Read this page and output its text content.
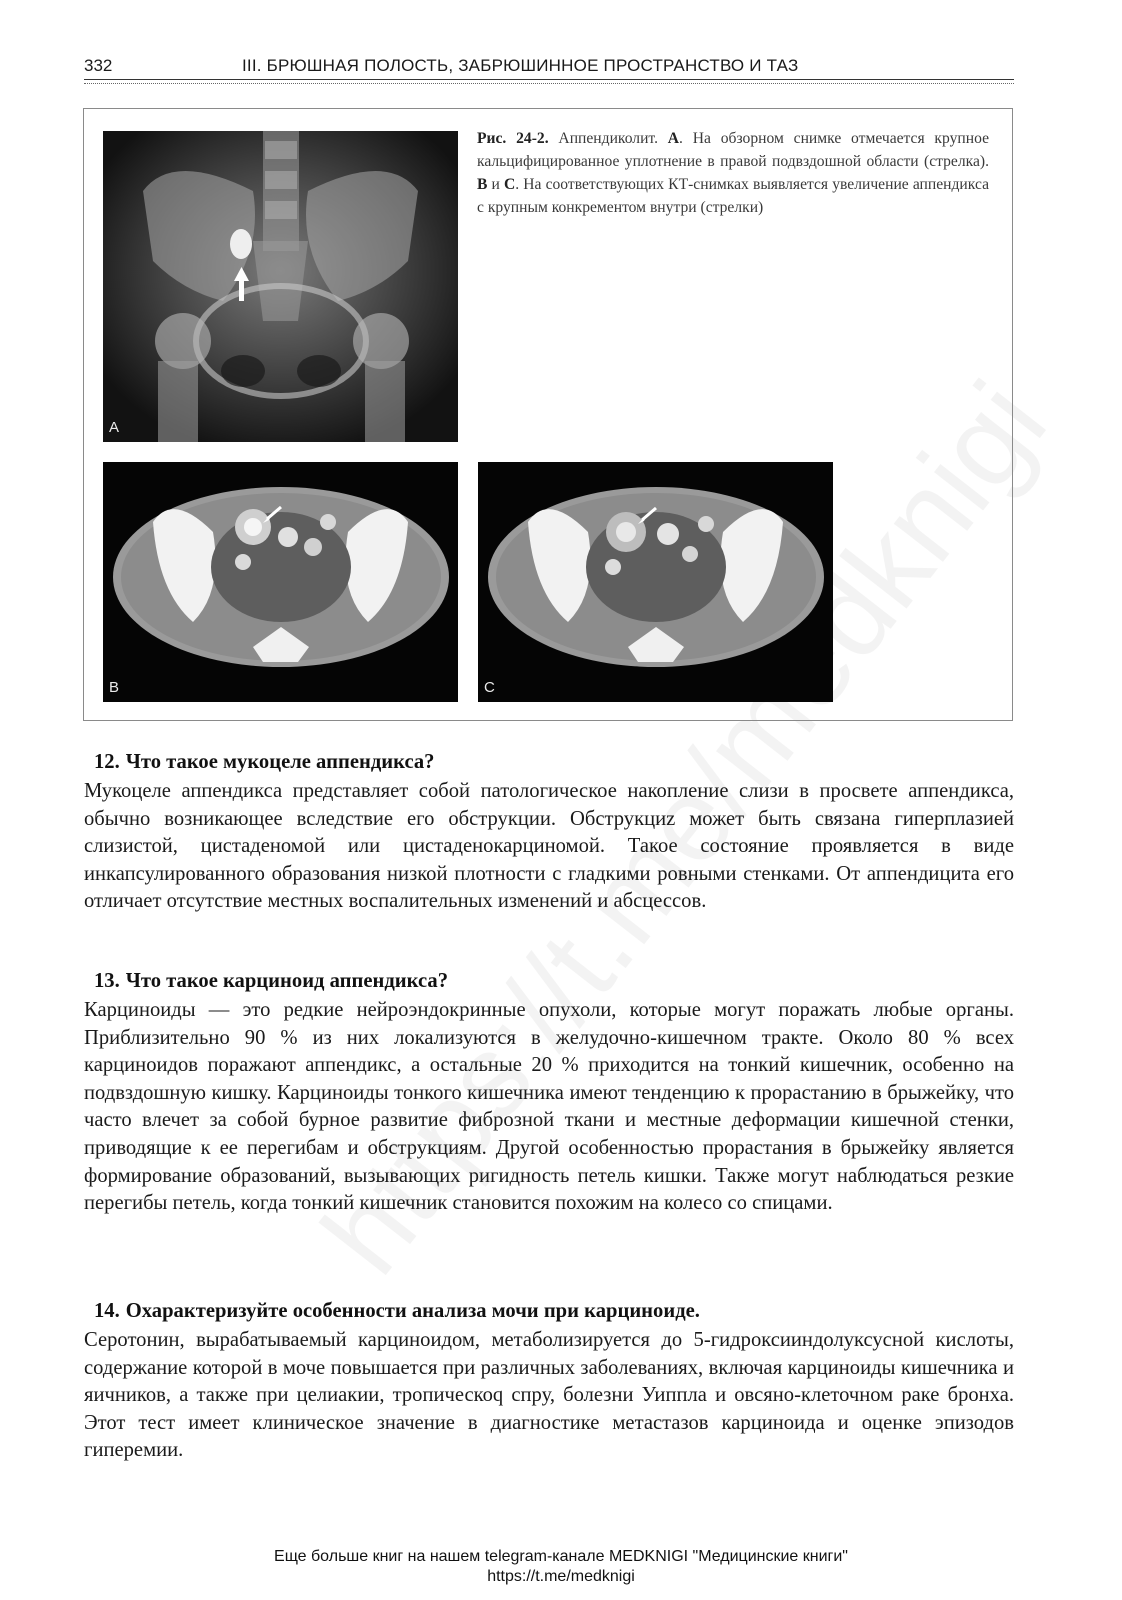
332	III. БРЮШНАЯ ПОЛОСТЬ, ЗАБРЮШИННОЕ ПРОСТРАНСТВО И ТАЗ
A
Рис. 24-2. Аппендиколит. А. На обзорном снимке отмечается крупное кальцифицированное уплотнение в правой подвздошной области (стрелка). В и С. На соответствующих КТ-снимках выявляется увеличение аппендикса с крупным конкрементом внутри (стрелки)
B	C

12. Что такое мукоцеле аппендикса?

Мукоцеле аппендикса представляет собой патологическое накопление слизи в просвете аппендикса, обычно возникающее вследствие его обструкции. Обструкциz может быть связана гиперплазией слизистой, цистаденомой или цистаденокарциномой. Такое состояние проявляется в виде инкапсулированного образования низкой плотности с гладкими ровными стенками. От аппендицита его отличает отсутствие местных воспалительных изменений и абсцессов.

13. Что такое карциноид аппендикса?

Карциноиды — это редкие нейроэндокринные опухоли, которые могут поражать любые органы. Приблизительно 90 % из них локализуются в желудочно-кишечном тракте. Около 80 % всех карциноидов поражают аппендикс, а остальные 20 % приходится на тонкий кишечник, особенно на подвздошную кишку. Карциноиды тонкого кишечника имеют тенденцию к прорастанию в брыжейку, что часто влечет за собой бурное развитие фиброзной ткани и местные деформации кишечной стенки, приводящие к ее перегибам и обструкциям. Другой особенностью прорастания в брыжейку является формирование образований, вызывающих ригидность петель кишки. Также могут наблюдаться резкие перегибы петель, когда тонкий кишечник становится похожим на колесо со спицами.

14. Охарактеризуйте особенности анализа мочи при карциноиде.

Серотонин, вырабатываемый карциноидом, метаболизируется до 5-гидроксииндолуксусной кислоты, содержание которой в моче повышается при различных заболеваниях, включая карциноиды кишечника и яичников, а также при целиакии, тропическоq спру, болезни Уиппла и овсяно-клеточном раке бронха. Этот тест имеет клиническое значение в диагностике метастазов карциноида и оценке эпизодов гиперемии.

Еще больше книг на нашем telegram-канале MEDKNIGI "Медицинские книги"
https://t.me/medknigi
